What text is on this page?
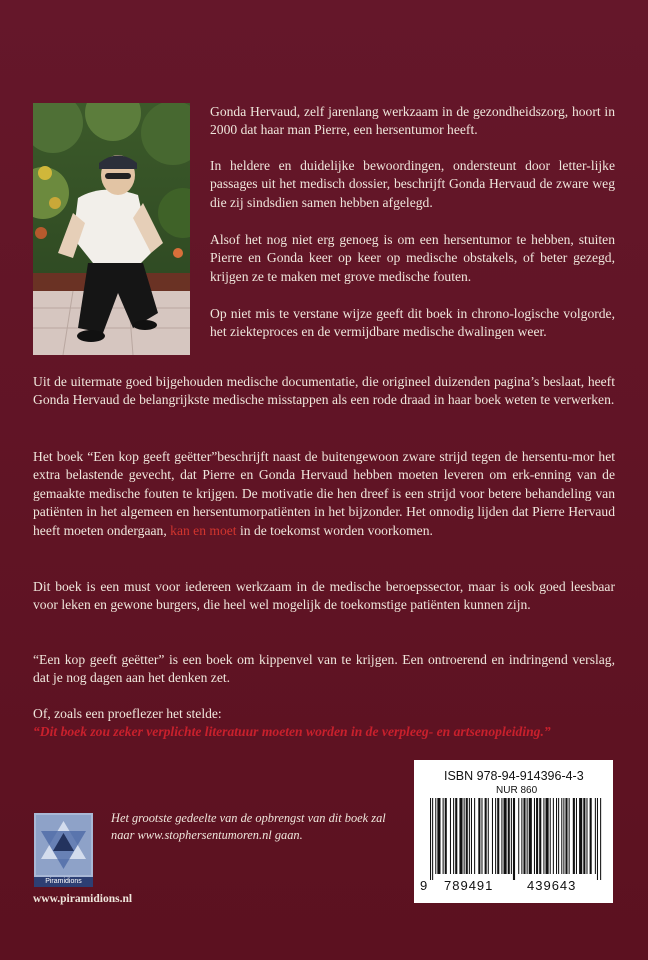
Gonda Hervaud, zelf jarenlang werkzaam in de gezondheidszorg, hoort in 2000 dat haar man Pierre, een hersentumor heeft.

In heldere en duidelijke bewoordingen, ondersteunt door letter-lijke passages uit het medisch dossier, beschrijft Gonda Hervaud de zware weg die zij sindsdien samen hebben afgelegd.

Alsof het nog niet erg genoeg is om een hersentumor te hebben, stuiten Pierre en Gonda keer op keer op medische obstakels, of beter gezegd, krijgen ze te maken met grove medische fouten.

Op niet mis te verstane wijze geeft dit boek in chrono-logische volgorde, het ziekteproces en de vermijdbare medische dwalingen weer.

Uit de uitermate goed bijgehouden medische documentatie, die origineel duizenden pagina’s beslaat, heeft Gonda Hervaud de belangrijkste medische misstappen als een rode draad in haar boek weten te verwerken.

Het boek “Een kop geeft geëtter”beschrijft naast de buitengewoon zware strijd tegen de hersentu-mor het extra belastende gevecht, dat Pierre en Gonda Hervaud hebben moeten leveren om erk-enning van de gemaakte medische fouten te krijgen. De motivatie die hen dreef is een strijd voor betere behandeling van patiënten in het algemeen en hersentumorpatiënten in het bijzonder. Het onnodig lijden dat Pierre Hervaud heeft moeten ondergaan, kan en moet in de toekomst worden voorkomen.

Dit boek is een must voor iedereen werkzaam in de medische beroepssector, maar is ook goed leesbaar voor leken en gewone burgers, die heel wel mogelijk de toekomstige patiënten kunnen zijn.

“Een kop geeft geëtter” is een boek om kippenvel van te krijgen. Een ontroerend en indringend verslag, dat je nog dagen aan het denken zet.

Of, zoals een proeflezer het stelde:

“Dit boek zou zeker verplichte literatuur moeten worden in de verpleeg- en artsenopleiding.”

Piramidions
www.piramidions.nl
Het grootste gedeelte van de opbrengst van dit boek zal naar www.stophersentumoren.nl gaan.
ISBN 978-94-914396-4-3
NUR 860
9 789491	439643
